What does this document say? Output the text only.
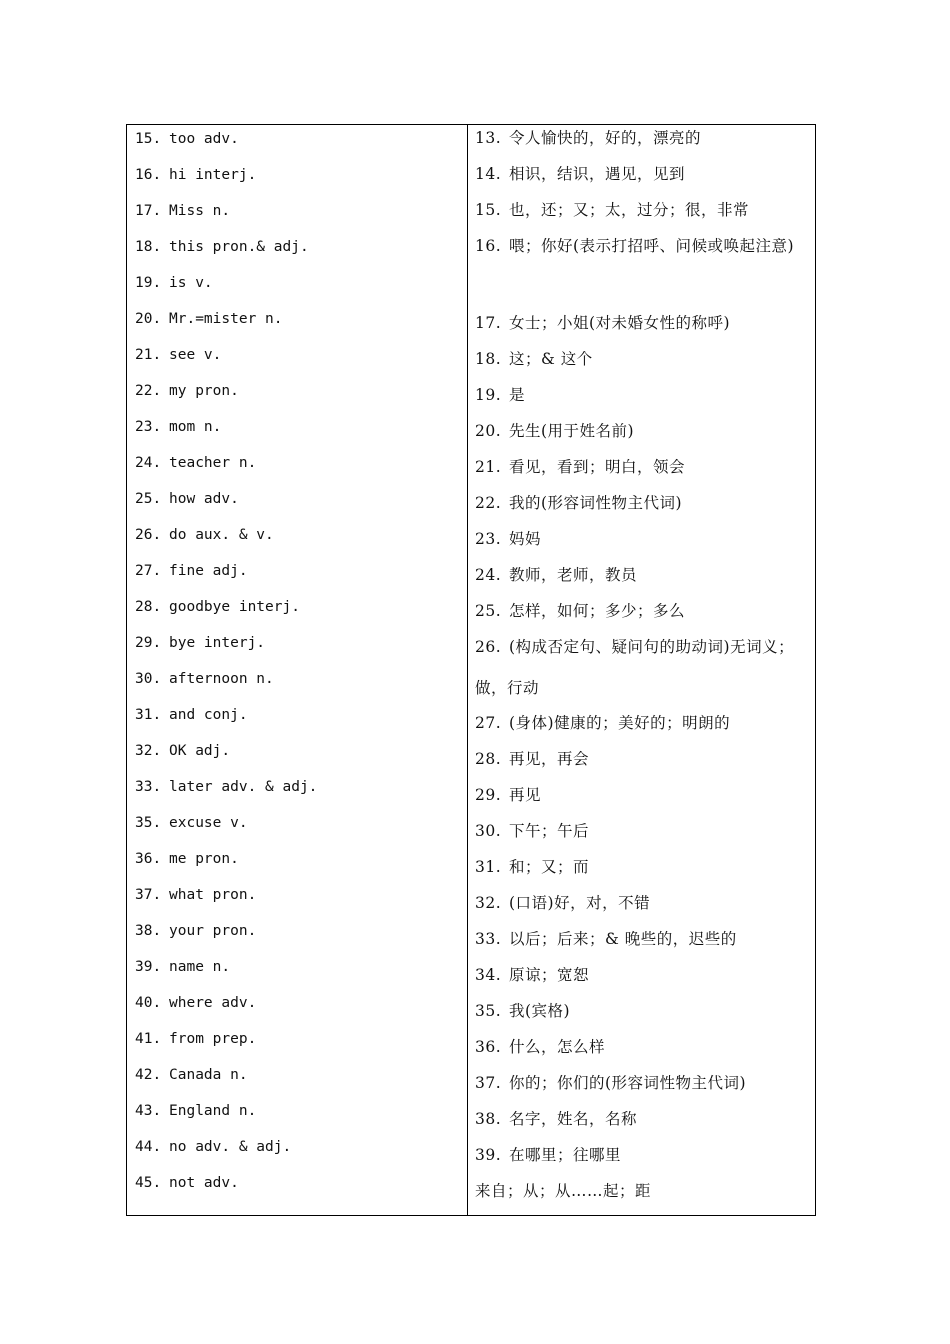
15. too adv.
16. hi interj.
17. Miss n.
18. this pron.& adj.
19. is v.
20. Mr.=mister n.
21. see v.
22. my pron.
23. mom n.
24. teacher n.
25. how adv.
26. do aux. & v.
27. fine adj.
28. goodbye interj.
29. bye interj.
30. afternoon n.
31. and conj.
32. OK adj.
33. later adv. & adj.
35. excuse v.
36. me pron.
37. what pron.
38. your pron.
39. name n.
40. where adv.
41. from prep.
42. Canada n.
43. England n.
44. no adv. & adj.
45. not adv.
13. 令人愉快的，好的，漂亮的
14. 相识，结识，遇见，见到
15. 也，还；又；太，过分；很，非常
16. 喂；你好(表示打招呼、问候或唤起注意)
17. 女士；小姐(对未婚女性的称呼)
18. 这；& 这个
19. 是
20. 先生(用于姓名前)
21. 看见，看到；明白，领会
22. 我的(形容词性物主代词)
23. 妈妈
24. 教师，老师，教员
25. 怎样，如何；多少；多么
26. (构成否定句、疑问句的助动词)无词义；做，行动
27. (身体)健康的；美好的；明朗的
28. 再见，再会
29. 再见
30. 下午；午后
31. 和；又；而
32. (口语)好，对，不错
33. 以后；后来；& 晚些的，迟些的
34. 原谅；宽恕
35. 我(宾格)
36. 什么，怎么样
37. 你的；你们的(形容词性物主代词)
38. 名字，姓名，名称
39. 在哪里；往哪里
来自；从；从……起；距
